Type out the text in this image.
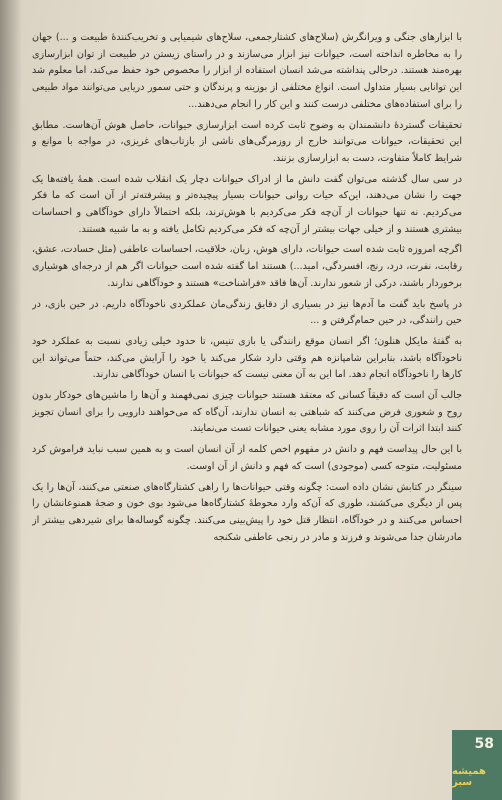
با ابزارهای جنگی و ویرانگرش (سلاح‌های کشتارجمعی، سلاح‌های شیمیایی و تخریب‌کنندهٔ طبیعت و ...) جهان را به مخاطره انداخته است، حیوانات نیز ابزار می‌سازند و در راستای زیستن در طبیعت از توان ابزارسازی بهره‌مند هستند. درحالی پنداشته می‌شد انسان استفاده از ابزار را مخصوص خود حفظ می‌کند، اما معلوم شد این توانایی بسیار متداول است. انواع مختلفی از بوزینه و پرندگان و حتی سمور دریایی می‌توانند مواد طبیعی را برای استفاده‌های مختلفی درست کنند و این کار را انجام می‌دهند...

تحقیقات گستردهٔ دانشمندان به وضوح ثابت کرده است ابزارسازی حیوانات، حاصل هوش آن‌هاست. مطابق این تحقیقات، حیوانات می‌توانند خارج از روزمرگی‌های ناشی از بازتاب‌های غریزی، در مواجه با موانع و شرایط کاملاً متفاوت، دست به ابزارسازی بزنند.

در سی سال گذشته می‌توان گفت دانش ما از ادراک حیوانات دچار یک انقلاب شده است. همهٔ یافته‌ها یک جهت را نشان می‌دهند، این‌که حیات روانی حیوانات بسیار پیچیده‌تر و پیشرفته‌تر از آن است که ما فکر می‌کردیم. نه تنها حیوانات از آن‌چه فکر می‌کردیم با هوش‌ترند، بلکه احتمالاً دارای خودآگاهی و احساسات بیشتری هستند و از خیلی جهات بیشتر از آن‌چه که فکر می‌کردیم تکامل یافته و به ما شبیه هستند.

اگرچه امروزه ثابت شده است حیوانات، دارای هوش، زبان، خلاقیت، احساسات عاطفی (مثل حسادت، عشق، رقابت، نفرت، درد، رنج، افسردگی، امید...) هستند اما گفته شده است حیوانات اگر هم از درجه‌ای هوشیاری برخوردار باشند، درکی از شعور ندارند. آن‌ها فاقد «فراشناخت» هستند و خودآگاهی ندارند.

در پاسخ باید گفت ما آدم‌ها نیز در بسیاری از دقایق زندگی‌مان عملکردی ناخودآگاه داریم. در حین بازی، در حین رانندگی، در حین حمام‌گرفتن و ...

به گفتهٔ مایکل هنلون؛ اگر انسان موقع رانندگی یا بازی تنیس، تا حدود خیلی زیادی نسبت به عملکرد خود ناخودآگاه باشد، بنابراین شامپانزه هم وقتی دارد شکار می‌کند یا خود را آرایش می‌کند، حتماً می‌تواند این کارها را ناخودآگاه انجام دهد. اما این به آن معنی نیست که حیوانات یا انسان خودآگاهی ندارند.

جالب آن است که دقیقاً کسانی که معتقد هستند حیوانات چیزی نمی‌فهمند و آن‌ها را ماشین‌های خودکار بدون روح و شعوری فرض می‌کنند که شباهتی به انسان ندارند، آن‌گاه که می‌خواهند دارویی را برای انسان تجویز کنند ابتدا اثرات آن را روی مورد مشابه یعنی حیوانات تست می‌نمایند.

با این حال پیداست فهم و دانش در مفهوم اخص کلمه از آن انسان است و به همین سبب نباید فراموش کرد مسئولیت، متوجه کسی (موجودی) است که فهم و دانش از آن اوست.

سینگر در کتابش نشان داده است: چگونه وقتی حیوانات‌ها را راهی کشتارگاه‌های صنعتی می‌کنند، آن‌ها را یک پس از دیگری می‌کشند، طوری که آن‌که وارد محوطهٔ کشتارگاه‌ها می‌شود بوی خون و ضجهٔ همنوعانشان را احساس می‌کنند و در خودآگاه، انتظار قتل خود را پیش‌بینی می‌کنند. چگونه گوساله‌ها برای شیردهی بیشتر از مادرشان جدا می‌شوند و فرزند و مادر در رنجی عاطفی شکنجه

58
همیشه سبز
